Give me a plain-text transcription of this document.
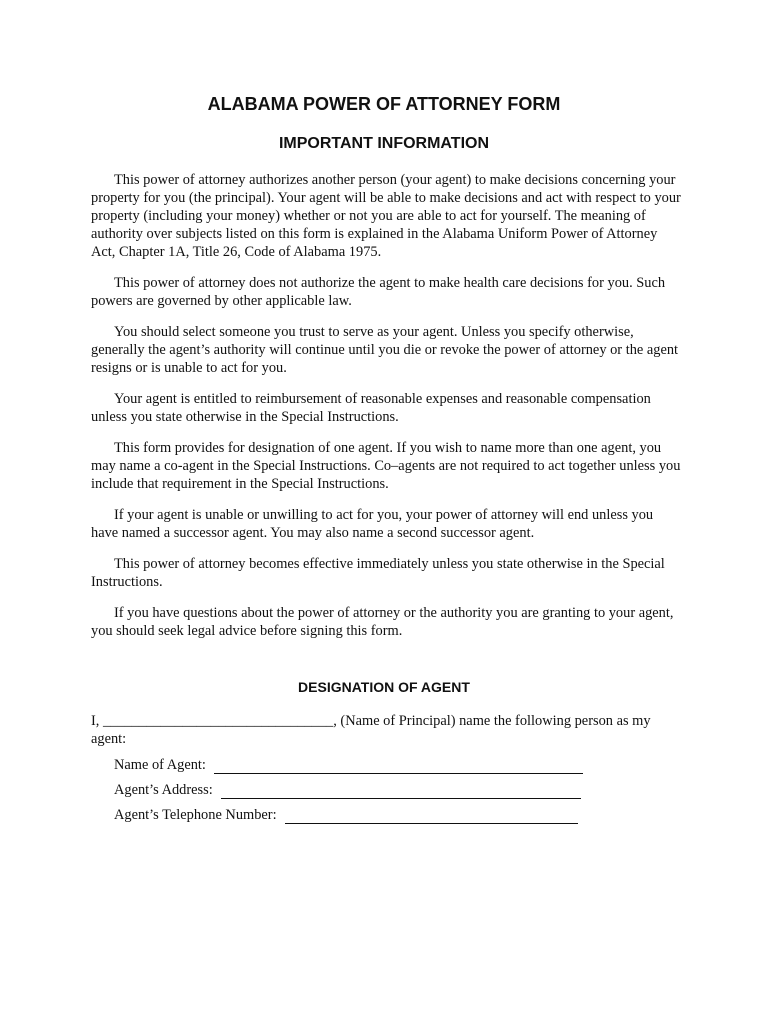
ALABAMA POWER OF ATTORNEY FORM
IMPORTANT INFORMATION

This power of attorney authorizes another person (your agent) to make decisions concerning your property for you (the principal). Your agent will be able to make decisions and act with respect to your property (including your money) whether or not you are able to act for yourself. The meaning of authority over subjects listed on this form is explained in the Alabama Uniform Power of Attorney Act, Chapter 1A, Title 26, Code of Alabama 1975.

This power of attorney does not authorize the agent to make health care decisions for you. Such powers are governed by other applicable law.

You should select someone you trust to serve as your agent. Unless you specify otherwise, generally the agent’s authority will continue until you die or revoke the power of attorney or the agent resigns or is unable to act for you.

Your agent is entitled to reimbursement of reasonable expenses and reasonable compensation unless you state otherwise in the Special Instructions.

This form provides for designation of one agent. If you wish to name more than one agent, you may name a co-agent in the Special Instructions. Co–agents are not required to act together unless you include that requirement in the Special Instructions.

If your agent is unable or unwilling to act for you, your power of attorney will end unless you have named a successor agent. You may also name a second successor agent.

This power of attorney becomes effective immediately unless you state otherwise in the Special Instructions.

If you have questions about the power of attorney or the authority you are granting to your agent, you should seek legal advice before signing this form.

DESIGNATION OF AGENT
I, ________________________________, (Name of Principal) name the following person as my agent:
Name of Agent:
Agent’s Address:
Agent’s Telephone Number:
